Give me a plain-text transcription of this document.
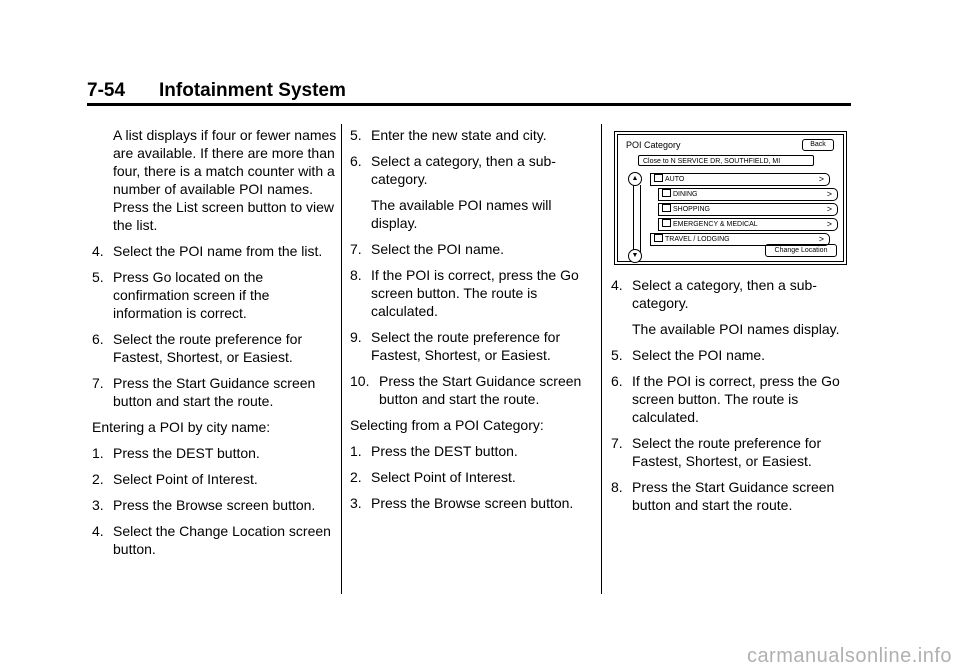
7-54 Infotainment System

A list displays if four or fewer names are available. If there are more than four, there is a match counter with a number of available POI names. Press the List screen button to view the list.

4. Select the POI name from the list.
5. Press Go located on the confirmation screen if the information is correct.
6. Select the route preference for Fastest, Shortest, or Easiest.
7. Press the Start Guidance screen button and start the route.

Entering a POI by city name:

1. Press the DEST button.
2. Select Point of Interest.
3. Press the Browse screen button.
4. Select the Change Location screen button.
5. Enter the new state and city.
6. Select a category, then a sub-category.

The available POI names will display.

7. Select the POI name.
8. If the POI is correct, press the Go screen button. The route is calculated.
9. Select the route preference for Fastest, Shortest, or Easiest.
10. Press the Start Guidance screen button and start the route.

Selecting from a POI Category:

1. Press the DEST button.
2. Select Point of Interest.
3. Press the Browse screen button.
POI Category	Back
Close to N SERVICE DR, SOUTHFIELD, MI
▲
▼
AUTO	>
DINING	>
SHOPPING	>
EMERGENCY & MEDICAL	>
TRAVEL / LODGING	>
Change Location
4. Select a category, then a sub-category.

The available POI names display.

5. Select the POI name.
6. If the POI is correct, press the Go screen button. The route is calculated.
7. Select the route preference for Fastest, Shortest, or Easiest.
8. Press the Start Guidance screen button and start the route.
carmanualsonline.info
